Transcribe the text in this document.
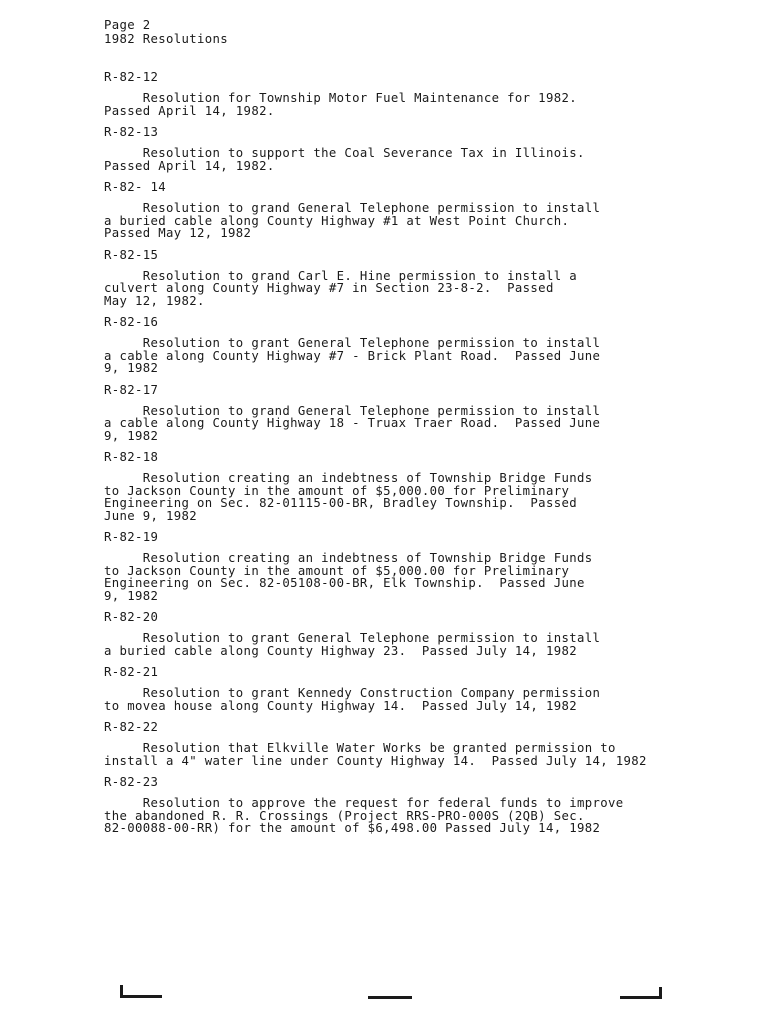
Page 2
1982 Resolutions
R-82-12
Resolution for Township Motor Fuel Maintenance for 1982.
Passed April 14, 1982.
R-82-13
Resolution to support the Coal Severance Tax in Illinois.
Passed April 14, 1982.
R-82- 14
Resolution to grand General Telephone permission to install
a buried cable along County Highway #1 at West Point Church.
Passed May 12, 1982
R-82-15
Resolution to grand Carl E. Hine permission to install a
culvert along County Highway #7 in Section 23-8-2.  Passed
May 12, 1982.
R-82-16
Resolution to grant General Telephone permission to install
a cable along County Highway #7 - Brick Plant Road.  Passed June
9, 1982
R-82-17
Resolution to grand General Telephone permission to install
a cable along County Highway 18 - Truax Traer Road.  Passed June
9, 1982
R-82-18
Resolution creating an indebtness of Township Bridge Funds
to Jackson County in the amount of $5,000.00 for Preliminary
Engineering on Sec. 82-01115-00-BR, Bradley Township.  Passed
June 9, 1982
R-82-19
Resolution creating an indebtness of Township Bridge Funds
to Jackson County in the amount of $5,000.00 for Preliminary
Engineering on Sec. 82-05108-00-BR, Elk Township.  Passed June
9, 1982
R-82-20
Resolution to grant General Telephone permission to install
a buried cable along County Highway 23.  Passed July 14, 1982
R-82-21
Resolution to grant Kennedy Construction Company permission
to movea house along County Highway 14.  Passed July 14, 1982
R-82-22
Resolution that Elkville Water Works be granted permission to
install a 4" water line under County Highway 14.  Passed July 14, 1982
R-82-23
Resolution to approve the request for federal funds to improve
the abandoned R. R. Crossings (Project RRS-PRO-000S (2QB) Sec.
82-00088-00-RR) for the amount of $6,498.00 Passed July 14, 1982
